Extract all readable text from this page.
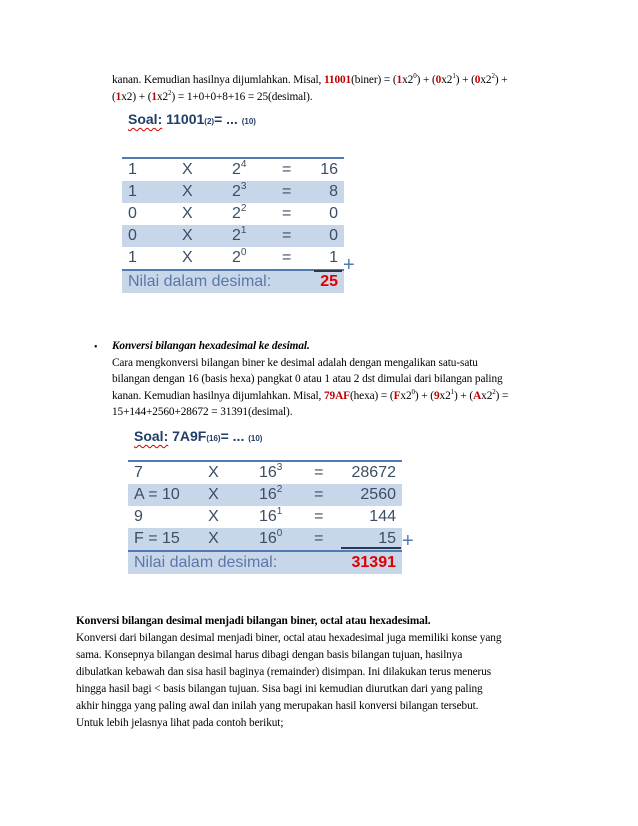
kanan. Kemudian hasilnya dijumlahkan. Misal, 11001(biner) = $(1x2^0) + (0x2^1) + (0x2^2)$ +
$(1x2) + (1x2^2) = 1+0+0+8+16$ = 25(desimal).
Soal: 11001(2)= ... (10)
1	X	$2^4$	=	16
1	X	$2^3$	=	8
0	X	$2^2$	=	0
0	X	$2^1$	=	0
1	X	$2^0$	=	1
Nilai dalam desimal:				25
+
• Konversi bilangan hexadesimal ke desimal.
Cara mengkonversi bilangan biner ke desimal adalah dengan mengalikan satu-satu
bilangan dengan 16 (basis hexa) pangkat 0 atau 1 atau 2 dst dimulai dari bilangan paling
kanan. Kemudian hasilnya dijumlahkan. Misal, 79AF(hexa) = $(Fx2^0) + (9x2^1) + (Ax2^2)$ =
15+144+2560+28672 = 31391(desimal).
Soal: 7A9F(16)= ... (10)
7	X	$16^3$	=	28672
A = 10	X	$16^2$	=	2560
9	X	$16^1$	=	144
F = 15	X	$16^0$	=	15
Nilai dalam desimal:				31391
+
Konversi bilangan desimal menjadi bilangan biner, octal atau hexadesimal.
Konversi dari bilangan desimal menjadi biner, octal atau hexadesimal juga memiliki konse yang
sama. Konsepnya bilangan desimal harus dibagi dengan basis bilangan tujuan, hasilnya
dibulatkan kebawah dan sisa hasil baginya (remainder) disimpan. Ini dilakukan terus menerus
hingga hasil bagi < basis bilangan tujuan. Sisa bagi ini kemudian diurutkan dari yang paling
akhir hingga yang paling awal dan inilah yang merupakan hasil konversi bilangan tersebut.
Untuk lebih jelasnya lihat pada contoh berikut;
